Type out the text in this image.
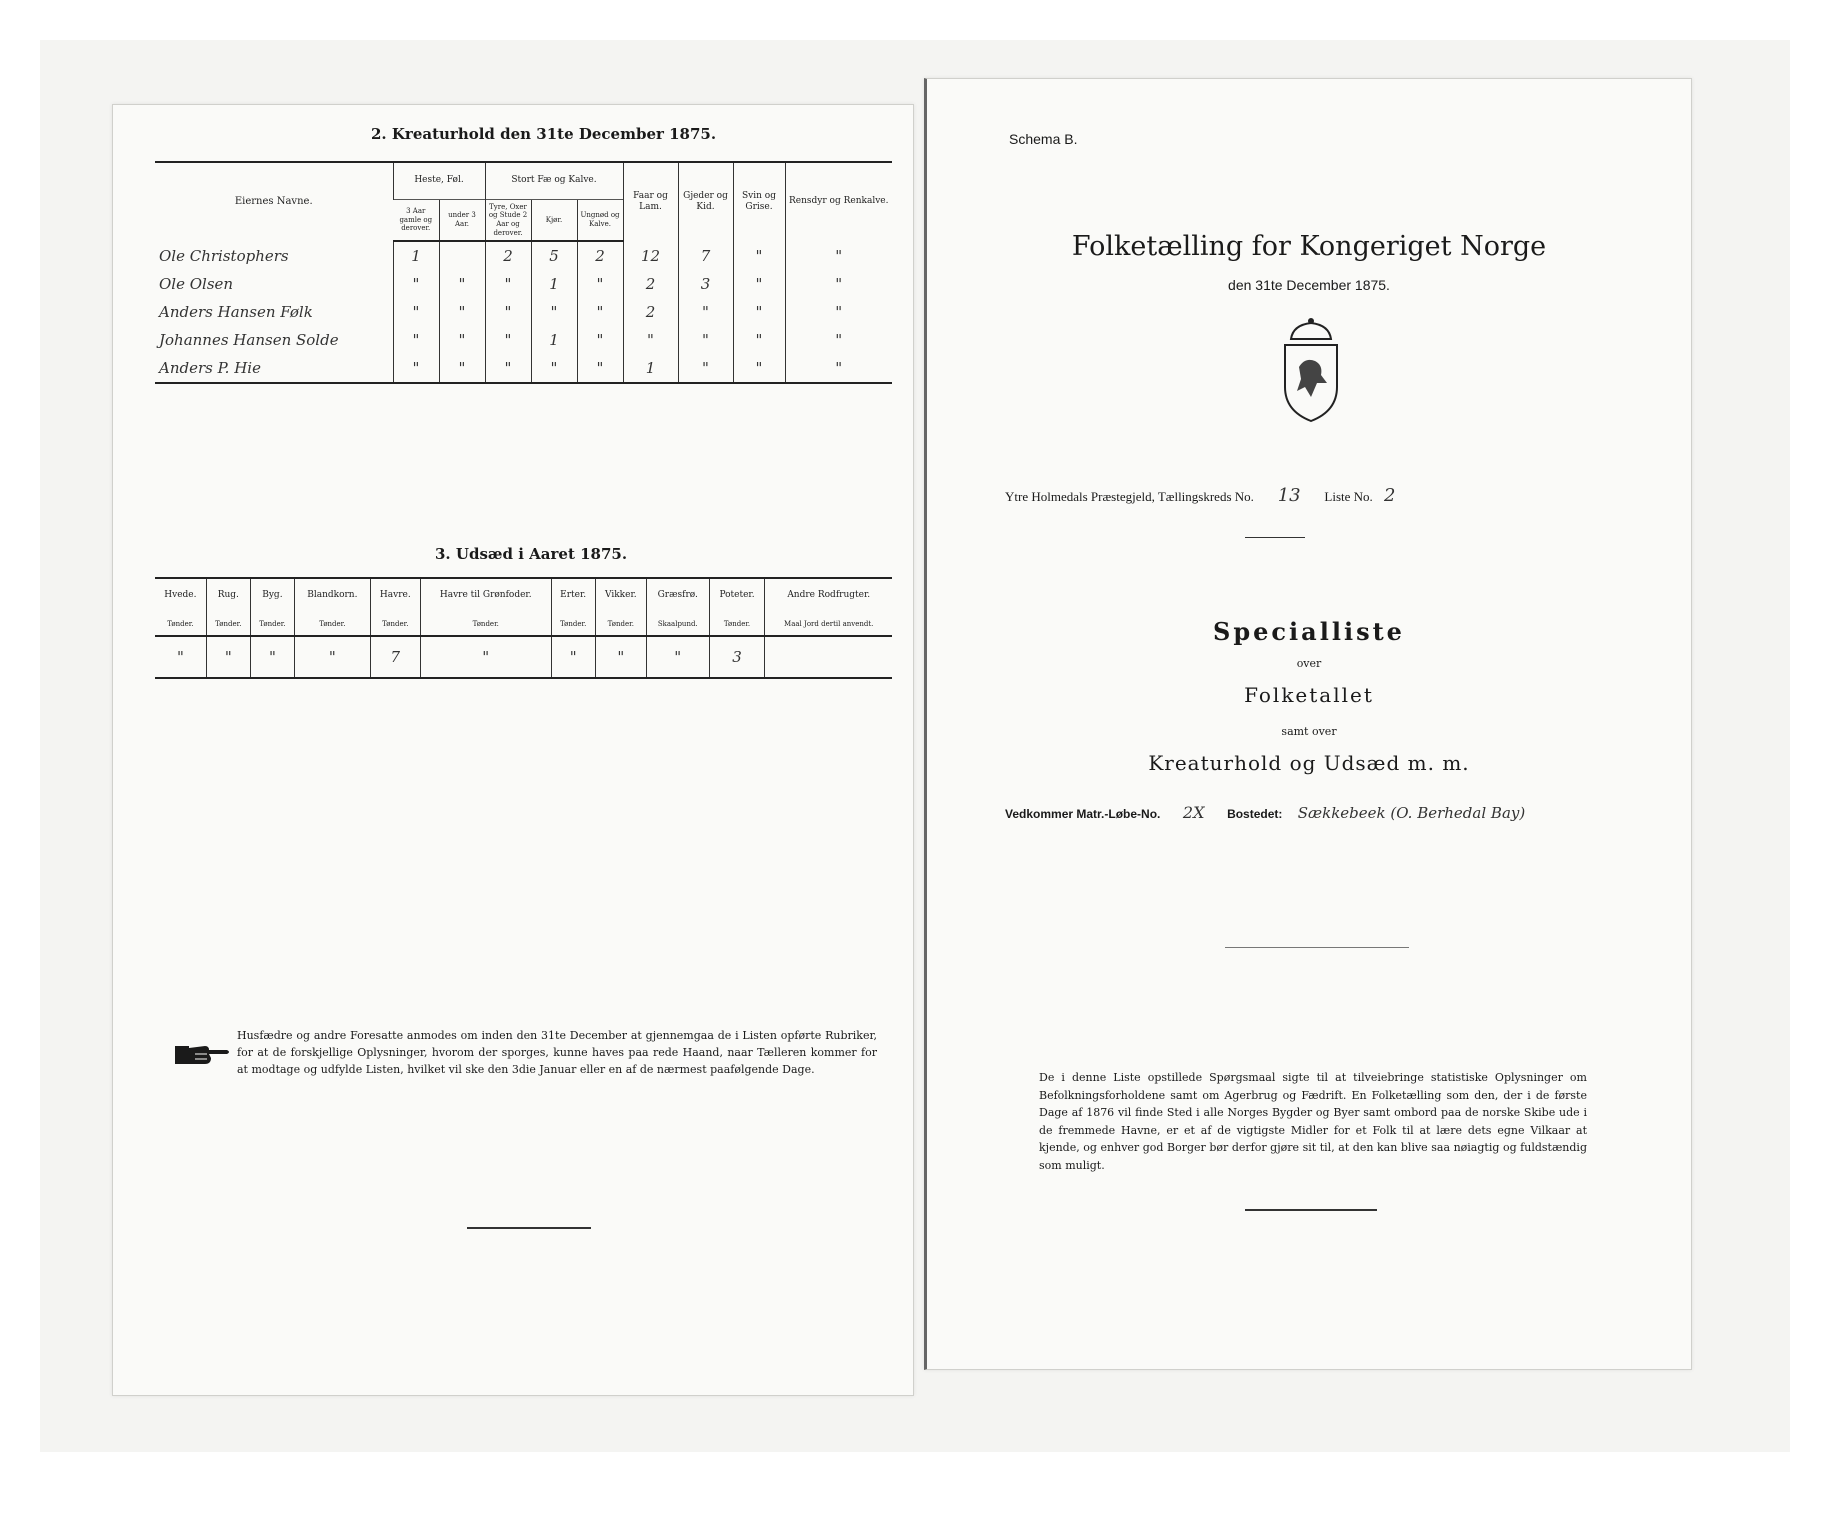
2. Kreaturhold den 31te December 1875.
Eiernes Navne.	Heste, Føl.		Stort Fæ og Kalve.			Faar og Lam.	Gjeder og Kid.	Svin og Grise.	Rensdyr og Renkalve.
	3 Aar gamle og derover.	under 3 Aar.	Tyre, Oxer og Stude 2 Aar og derover.	Kjør.	Ungnød og Kalve.				
Ole Christophers	1		2	5	2	12	7	"	"
Ole Olsen	"	"	"	1	"	2	3	"	"
Anders Hansen Følk	"	"	"	"	"	2	"	"	"
Johannes Hansen Solde	"	"	"	1	"	"	"	"	"
Anders P. Hie	"	"	"	"	"	1	"	"	"
3. Udsæd i Aaret 1875.
Hvede.	Rug.	Byg.	Blandkorn.	Havre.	Havre til Grønfoder.	Erter.	Vikker.	Græsfrø.	Poteter.	Andre Rodfrugter.
Tønder.	Tønder.	Tønder.	Tønder.	Tønder.	Tønder.	Tønder.	Tønder.	Skaalpund.	Tønder.	Maal Jord dertil anvendt.
"	"	"	"	7	"	"	"	"	3	
Husfædre og andre Foresatte anmodes om inden den 31te December at gjennemgaa de i Listen opførte Rubriker, for at de forskjellige Oplysninger, hvorom der sporges, kunne haves paa rede Haand, naar Tælleren kommer for at modtage og udfylde Listen, hvilket vil ske den 3die Januar eller en af de nærmest paafølgende Dage.
Schema B.
Folketælling for Kongeriget Norge
den 31te December 1875.
Ytre Holmedals Præstegjeld, Tællingskreds No. 13 Liste No. 2
Specialliste
over
Folketallet
samt over
Kreaturhold og Udsæd m. m.
Vedkommer Matr.-Løbe-No. 2X Bostedet: Sækkebeek (O. Berhedal Bay)
De i denne Liste opstillede Spørgsmaal sigte til at tilveiebringe statistiske Oplysninger om Befolkningsforholdene samt om Agerbrug og Fædrift. En Folketælling som den, der i de første Dage af 1876 vil finde Sted i alle Norges Bygder og Byer samt ombord paa de norske Skibe ude i de fremmede Havne, er et af de vigtigste Midler for et Folk til at lære dets egne Vilkaar at kjende, og enhver god Borger bør derfor gjøre sit til, at den kan blive saa nøiagtig og fuldstændig som muligt.
